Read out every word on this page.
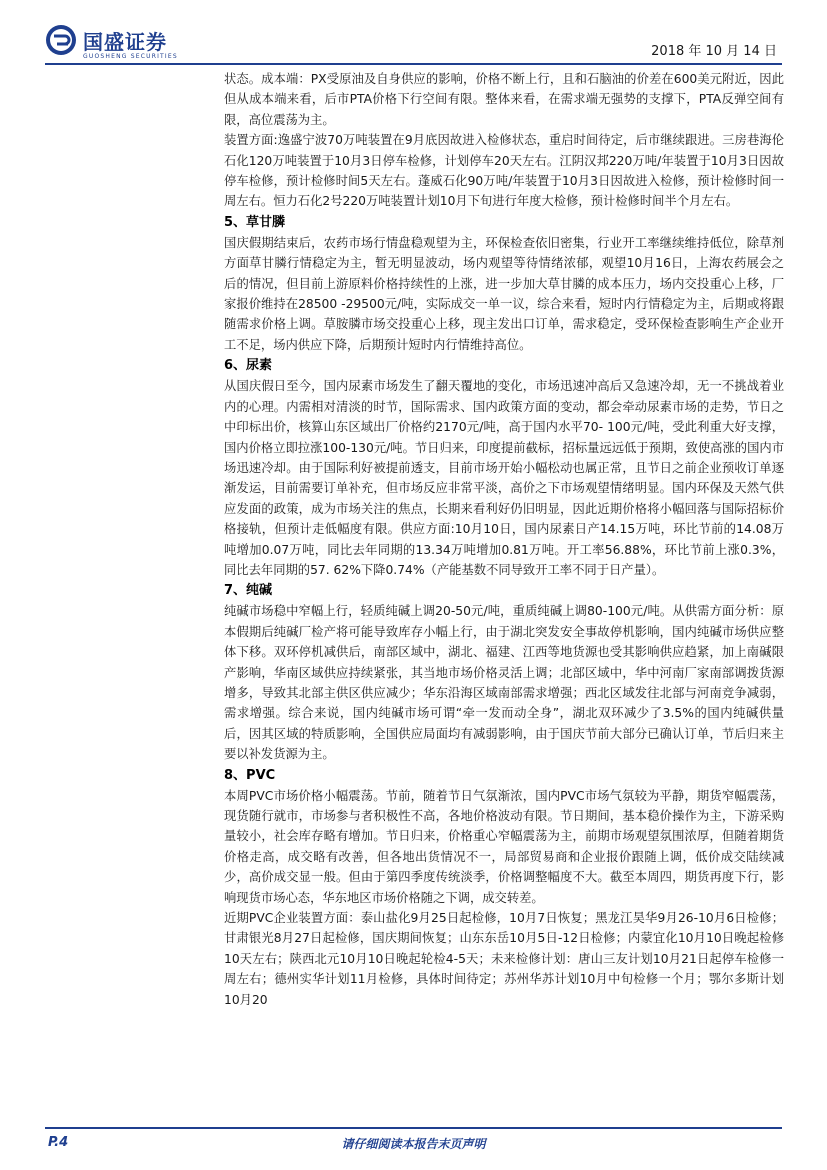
国盛证券
GUOSHENG SECURITIES	2018 年 10 月 14 日

状态。成本端：PX受原油及自身供应的影响，价格不断上行，且和石脑油的价差在600美元附近，因此但从成本端来看，后市PTA价格下行空间有限。整体来看，在需求端无强势的支撑下，PTA反弹空间有限，高位震荡为主。

装置方面:逸盛宁波70万吨装置在9月底因故进入检修状态，重启时间待定，后市继续跟进。三房巷海伦石化120万吨装置于10月3日停车检修，计划停车20天左右。江阴汉邦220万吨/年装置于10月3日因故停车检修，预计检修时间5天左右。蓬威石化90万吨/年装置于10月3日因故进入检修，预计检修时间一周左右。恒力石化2号220万吨装置计划10月下旬进行年度大检修，预计检修时间半个月左右。

5、草甘膦

国庆假期结束后，农药市场行情盘稳观望为主，环保检查依旧密集，行业开工率继续维持低位，除草剂方面草甘膦行情稳定为主，暂无明显波动，场内观望等待情绪浓郁，观望10月16日，上海农药展会之后的情况，但目前上游原料价格持续性的上涨，进一步加大草甘膦的成本压力，场内交投重心上移，厂家报价维持在28500 -29500元/吨，实际成交一单一议，综合来看，短时内行情稳定为主，后期或将跟随需求价格上调。草胺膦市场交投重心上移，现主发出口订单，需求稳定，受环保检查影响生产企业开工不足，场内供应下降，后期预计短时内行情维持高位。

6、尿素

从国庆假日至今，国内尿素市场发生了翻天覆地的变化，市场迅速冲高后又急速冷却，无一不挑战着业内的心理。内需相对清淡的时节，国际需求、国内政策方面的变动，都会牵动尿素市场的走势，节日之中印标出价，核算山东区域出厂价格约2170元/吨，高于国内水平70- 100元/吨，受此利重大好支撑，国内价格立即拉涨100-130元/吨。节日归来，印度提前截标，招标量远远低于预期，致使高涨的国内市场迅速冷却。由于国际利好被提前透支，目前市场开始小幅松动也属正常，且节日之前企业预收订单逐渐发运，目前需要订单补充，但市场反应非常平淡，高价之下市场观望情绪明显。国内环保及天然气供应发面的政策，成为市场关注的焦点，长期来看利好仍旧明显，因此近期价格将小幅回落与国际招标价格接轨，但预计走低幅度有限。供应方面:10月10日，国内尿素日产14.15万吨，环比节前的14.08万吨增加0.07万吨，同比去年同期的13.34万吨增加0.81万吨。开工率56.88%，环比节前上涨0.3%，同比去年同期的57. 62%下降0.74%（产能基数不同导致开工率不同于日产量）。

7、纯碱

纯碱市场稳中窄幅上行，轻质纯碱上调20-50元/吨，重质纯碱上调80-100元/吨。从供需方面分析：原本假期后纯碱厂检产将可能导致库存小幅上行，由于湖北突发安全事故停机影响，国内纯碱市场供应整体下移。双环停机减供后，南部区域中，湖北、福建、江西等地货源也受其影响供应趋紧，加上南碱限产影响，华南区域供应持续紧张，其当地市场价格灵活上调；北部区域中，华中河南厂家南部调拨货源增多，导致其北部主供区供应减少；华东沿海区域南部需求增强；西北区域发往北部与河南竞争减弱，需求增强。综合来说，国内纯碱市场可谓“牵一发而动全身”，湖北双环减少了3.5%的国内纯碱供量后，因其区域的特质影响，全国供应局面均有减弱影响，由于国庆节前大部分已确认订单，节后归来主要以补发货源为主。

8、PVC

本周PVC市场价格小幅震荡。节前，随着节日气氛渐浓，国内PVC市场气氛较为平静，期货窄幅震荡，现货随行就市，市场参与者积极性不高，各地价格波动有限。节日期间，基本稳价操作为主，下游采购量较小，社会库存略有增加。节日归来，价格重心窄幅震荡为主，前期市场观望氛围浓厚，但随着期货价格走高，成交略有改善，但各地出货情况不一，局部贸易商和企业报价跟随上调，低价成交陆续减少，高价成交显一般。但由于第四季度传统淡季，价格调整幅度不大。截至本周四，期货再度下行，影响现货市场心态，华东地区市场价格随之下调，成交转差。

近期PVC企业装置方面：泰山盐化9月25日起检修，10月7日恢复；黑龙江昊华9月26-10月6日检修；甘肃银光8月27日起检修，国庆期间恢复；山东东岳10月5日-12日检修；内蒙宜化10月10日晚起检修10天左右；陕西北元10月10日晚起轮检4-5天；未来检修计划：唐山三友计划10月21日起停车检修一周左右；德州实华计划11月检修，具体时间待定；苏州华苏计划10月中旬检修一个月；鄂尔多斯计划10月20

P.4	请仔细阅读本报告末页声明
